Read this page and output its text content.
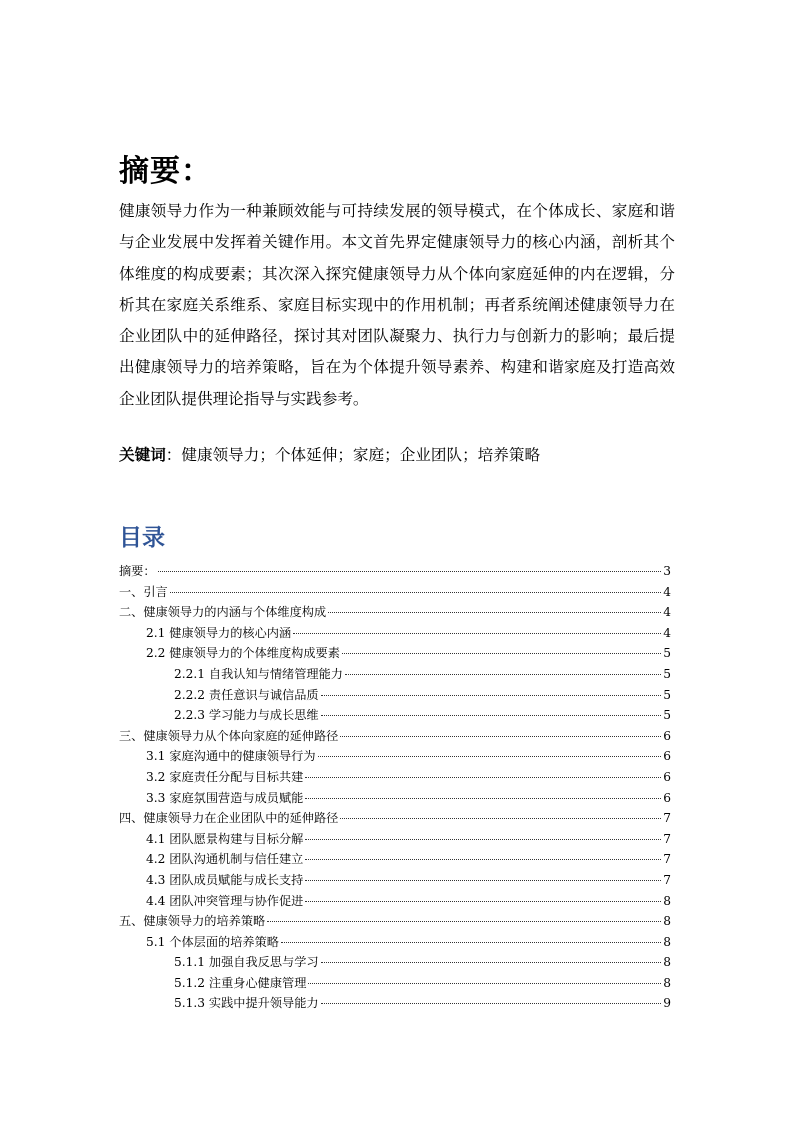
摘要：

健康领导力作为一种兼顾效能与可持续发展的领导模式，在个体成长、家庭和谐与企业发展中发挥着关键作用。本文首先界定健康领导力的核心内涵，剖析其个体维度的构成要素；其次深入探究健康领导力从个体向家庭延伸的内在逻辑，分析其在家庭关系维系、家庭目标实现中的作用机制；再者系统阐述健康领导力在企业团队中的延伸路径，探讨其对团队凝聚力、执行力与创新力的影响；最后提出健康领导力的培养策略，旨在为个体提升领导素养、构建和谐家庭及打造高效企业团队提供理论指导与实践参考。

关键词：健康领导力；个体延伸；家庭；企业团队；培养策略

目录
摘要：	3
一、引言	4
二、健康领导力的内涵与个体维度构成	4
2.1 健康领导力的核心内涵	4
2.2 健康领导力的个体维度构成要素	5
2.2.1 自我认知与情绪管理能力	5
2.2.2 责任意识与诚信品质	5
2.2.3 学习能力与成长思维	5
三、健康领导力从个体向家庭的延伸路径	6
3.1 家庭沟通中的健康领导行为	6
3.2 家庭责任分配与目标共建	6
3.3 家庭氛围营造与成员赋能	6
四、健康领导力在企业团队中的延伸路径	7
4.1 团队愿景构建与目标分解	7
4.2 团队沟通机制与信任建立	7
4.3 团队成员赋能与成长支持	7
4.4 团队冲突管理与协作促进	8
五、健康领导力的培养策略	8
5.1 个体层面的培养策略	8
5.1.1 加强自我反思与学习	8
5.1.2 注重身心健康管理	8
5.1.3 实践中提升领导能力	9
